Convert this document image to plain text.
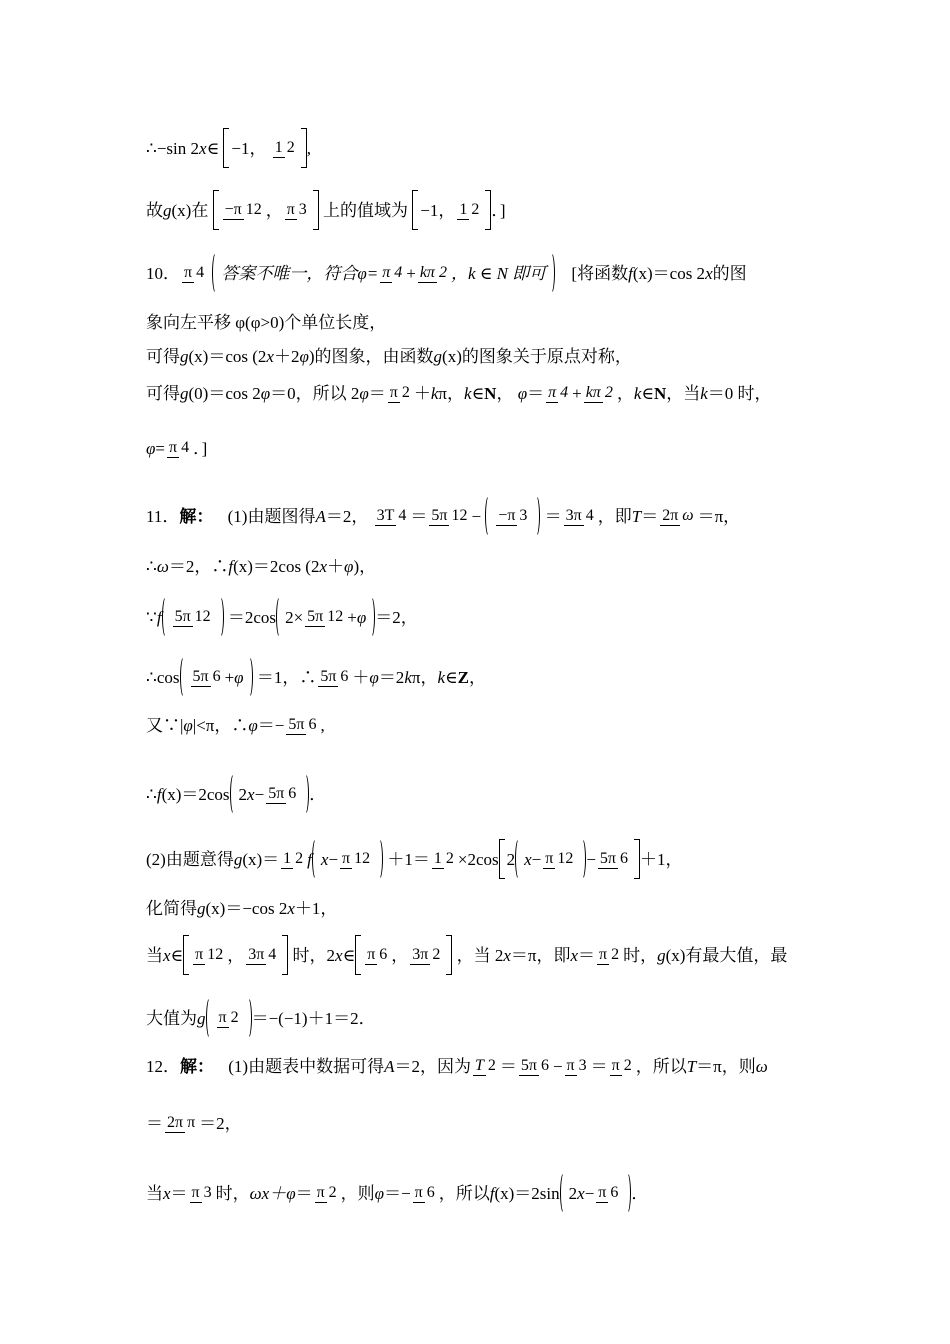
∴−sin 2x∈ −1， 1 2 ,
故g(x)在 −π 12 ， π 3 上的值域为 −1， 1 2 ．]
10． π 4 答案不唯一，符合φ= π 4 + kπ 2 ，k ∈ N 即可 [将函数f(x)＝cos 2x的图
象向左平移 φ(φ>0)个单位长度，
可得g(x)＝cos (2x＋2φ)的图象，由函数g(x)的图象关于原点对称，
可得g(0)＝cos 2φ＝0，所以 2φ＝ π 2 ＋kπ，k∈N， φ＝ π 4 + kπ 2 ，k∈N，当k＝0 时，
φ= π 4 ．]
11．解： (1)由题图得A＝2， 3T 4 ＝ 5π 12 − −π 3 ＝ 3π 4 ，即T＝ 2π ω ＝π，
∴ω＝2，∴f(x)＝2cos (2x＋φ)，
∵f 5π 12 ＝2cos 2× 5π 12 +φ ＝2，
∴cos 5π 6 +φ ＝1，∴ 5π 6 ＋φ＝2kπ，k∈Z，
又∵|φ|<π，∴φ＝− 5π 6 ,
∴f(x)＝2cos 2x− 5π 6 ．
(2)由题意得g(x)＝ 1 2 f x− π 12 ＋1＝ 1 2 ×2cos 2 x− π 12 − 5π 6 ＋1，
化简得g(x)＝−cos 2x＋1，
当x∈ π 12 ， 3π 4 时，2x∈ π 6 ， 3π 2 ，当 2x＝π，即x＝ π 2 时，g(x)有最大值，最
大值为g π 2 ＝−(−1)＋1＝2．
12．解： (1)由题表中数据可得A＝2，因为 T 2 ＝ 5π 6 − π 3 ＝ π 2 ，所以T＝π，则ω
＝ 2π π ＝2，
当x＝ π 3 时，ωx＋φ＝ π 2 ，则φ＝− π 6 ，所以f(x)＝2sin 2x− π 6 ．
